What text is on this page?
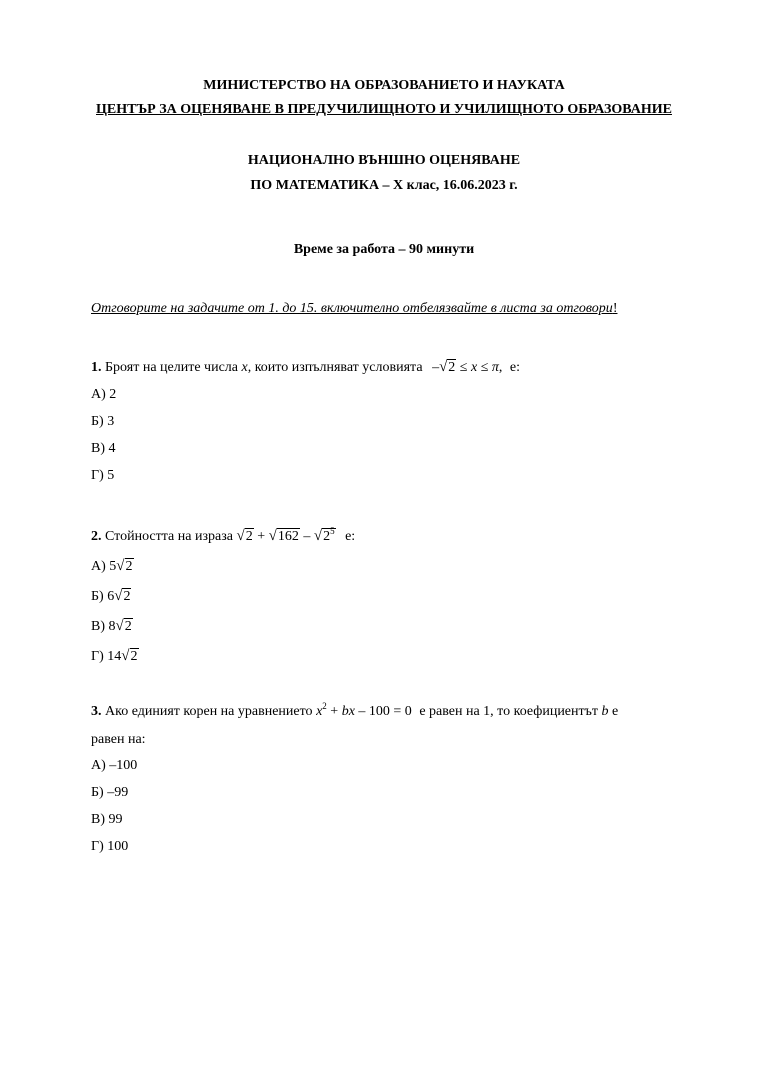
МИНИСТЕРСТВО НА ОБРАЗОВАНИЕТО И НАУКАТА
ЦЕНТЪР ЗА ОЦЕНЯВАНЕ В ПРЕДУЧИЛИЩНОТО И УЧИЛИЩНОТО ОБРАЗОВАНИЕ
НАЦИОНАЛНО ВЪНШНО ОЦЕНЯВАНЕ
ПО МАТЕМАТИКА – X клас, 16.06.2023 г.
Време за работа – 90 минути
Отговорите на задачите от 1. до 15. включително отбелязвайте в листа за отговори!
1. Броят на целите числа x, които изпълняват условията –√2 ≤ x ≤ π, е:
А) 2
Б) 3
В) 4
Г) 5
2. Стойността на израза $√2 + √162 - √2^5$ е:
А) 5√2
Б) 6√2
В) 8√2
Г) 14√2
3. Ако единият корен на уравнението $x^2$ + bx – 100 = 0 е равен на 1, то коефициентът b е
равен на:
А) –100
Б) –99
В) 99
Г) 100
